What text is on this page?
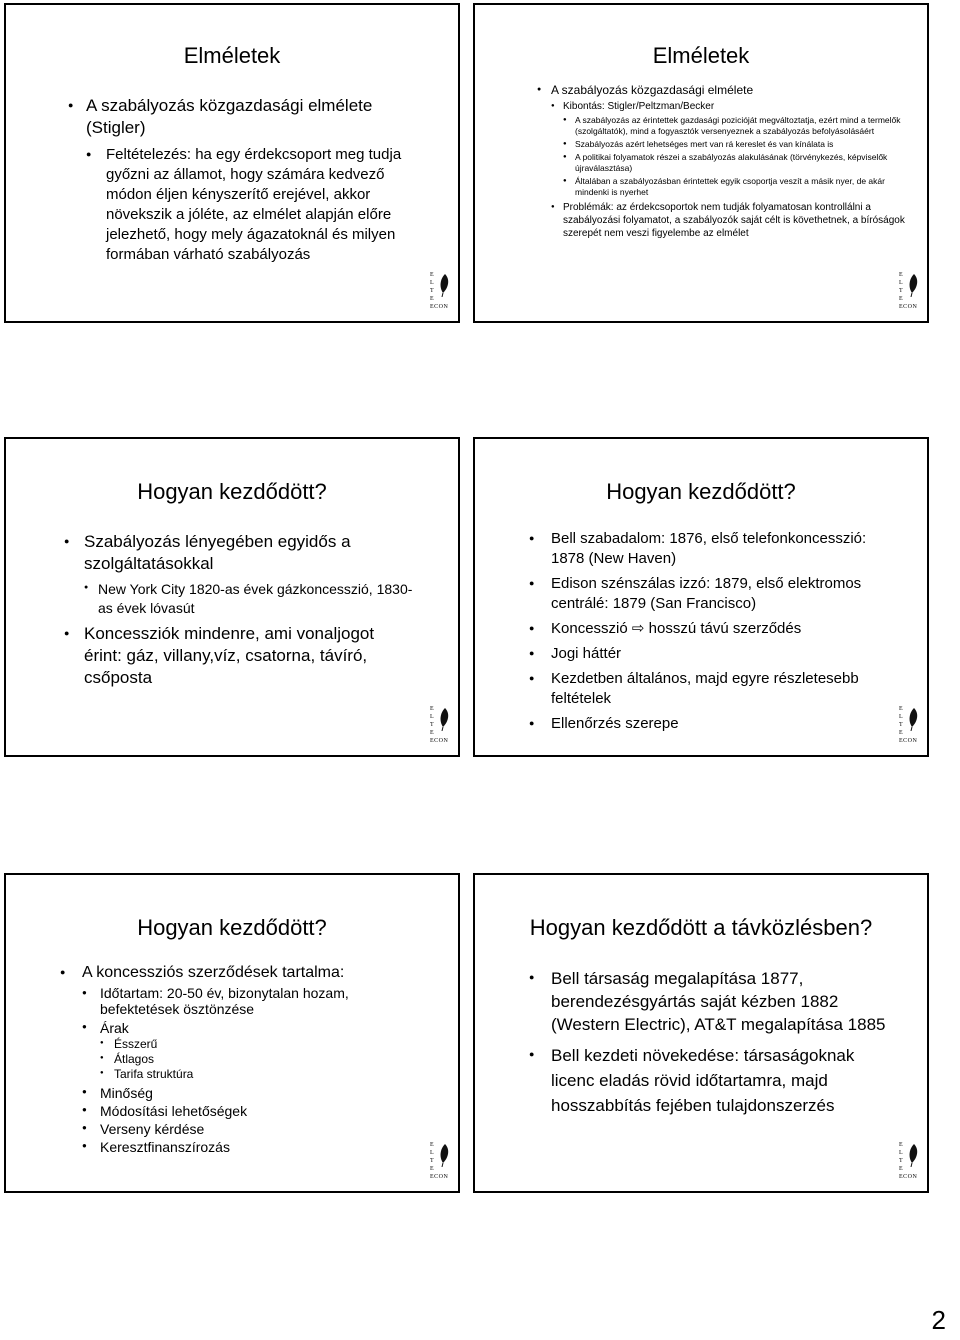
Elméletek
● A szabályozás közgazdasági elmélete (Stigler)
● Feltételezés: ha egy érdekcsoport meg tudja győzni az államot, hogy számára kedvező módon éljen kényszerítő erejével, akkor növekszik a jóléte, az elmélet alapján előre jelezhető, hogy mely ágazatoknál és milyen formában várható szabályozás
E
L
T
E
ECON
Elméletek
● A szabályozás közgazdasági elmélete
● Kibontás: Stigler/Peltzman/Becker
● A szabályozás az érintettek gazdasági pozicióját megváltoztatja, ezért mind a termelők (szolgáltatók), mind a fogyasztók versenyeznek a szabályozás befolyásolásáért
● Szabályozás azért lehetséges mert van rá kereslet és van kínálata is
● A politikai folyamatok részei a szabályozás alakulásának (törvénykezés, képviselők újraválasztása)
● Általában a szabályozásban érintettek egyik csoportja veszít a másik nyer, de akár mindenki is nyerhet
● Problémák: az érdekcsoportok nem tudják folyamatosan kontrollálni a szabályozási folyamatot, a szabályozók saját célt is követhetnek, a bíróságok szerepét nem veszi figyelembe az elmélet
E
L
T
E
ECON
Hogyan kezdődött?
● Szabályozás lényegében egyidős a szolgáltatásokkal
● New York City 1820-as évek gázkoncesszió, 1830-as évek lóvasút
● Koncessziók mindenre, ami vonaljogot érint: gáz, villany,víz, csatorna, távíró, csőposta
E
L
T
E
ECON
Hogyan kezdődött?
● Bell szabadalom: 1876, első telefonkoncesszió: 1878 (New Haven)
● Edison szénszálas izzó: 1879, első elektromos centrálé: 1879 (San Francisco)
● Koncesszió ⇨ hosszú távú szerződés
● Jogi háttér
● Kezdetben általános, majd egyre részletesebb feltételek
● Ellenőrzés szerepe
E
L
T
E
ECON
Hogyan kezdődött?
● A koncessziós szerződések tartalma:
● Időtartam: 20-50 év, bizonytalan hozam, befektetések ösztönzése
● Árak
● Ésszerű
● Átlagos
● Tarifa struktúra
● Minőség
● Módosítási lehetőségek
● Verseny kérdése
● Keresztfinanszírozás	E
L
T
E
ECON
Hogyan kezdődött a távközlésben?
● Bell társaság megalapítása 1877, berendezésgyártás saját kézben 1882 (Western Electric), AT&T megalapítása 1885
● Bell kezdeti növekedése: társaságoknak licenc eladás rövid időtartamra, majd hosszabbítás fejében tulajdonszerzés
E
L
T
E
ECON
2
